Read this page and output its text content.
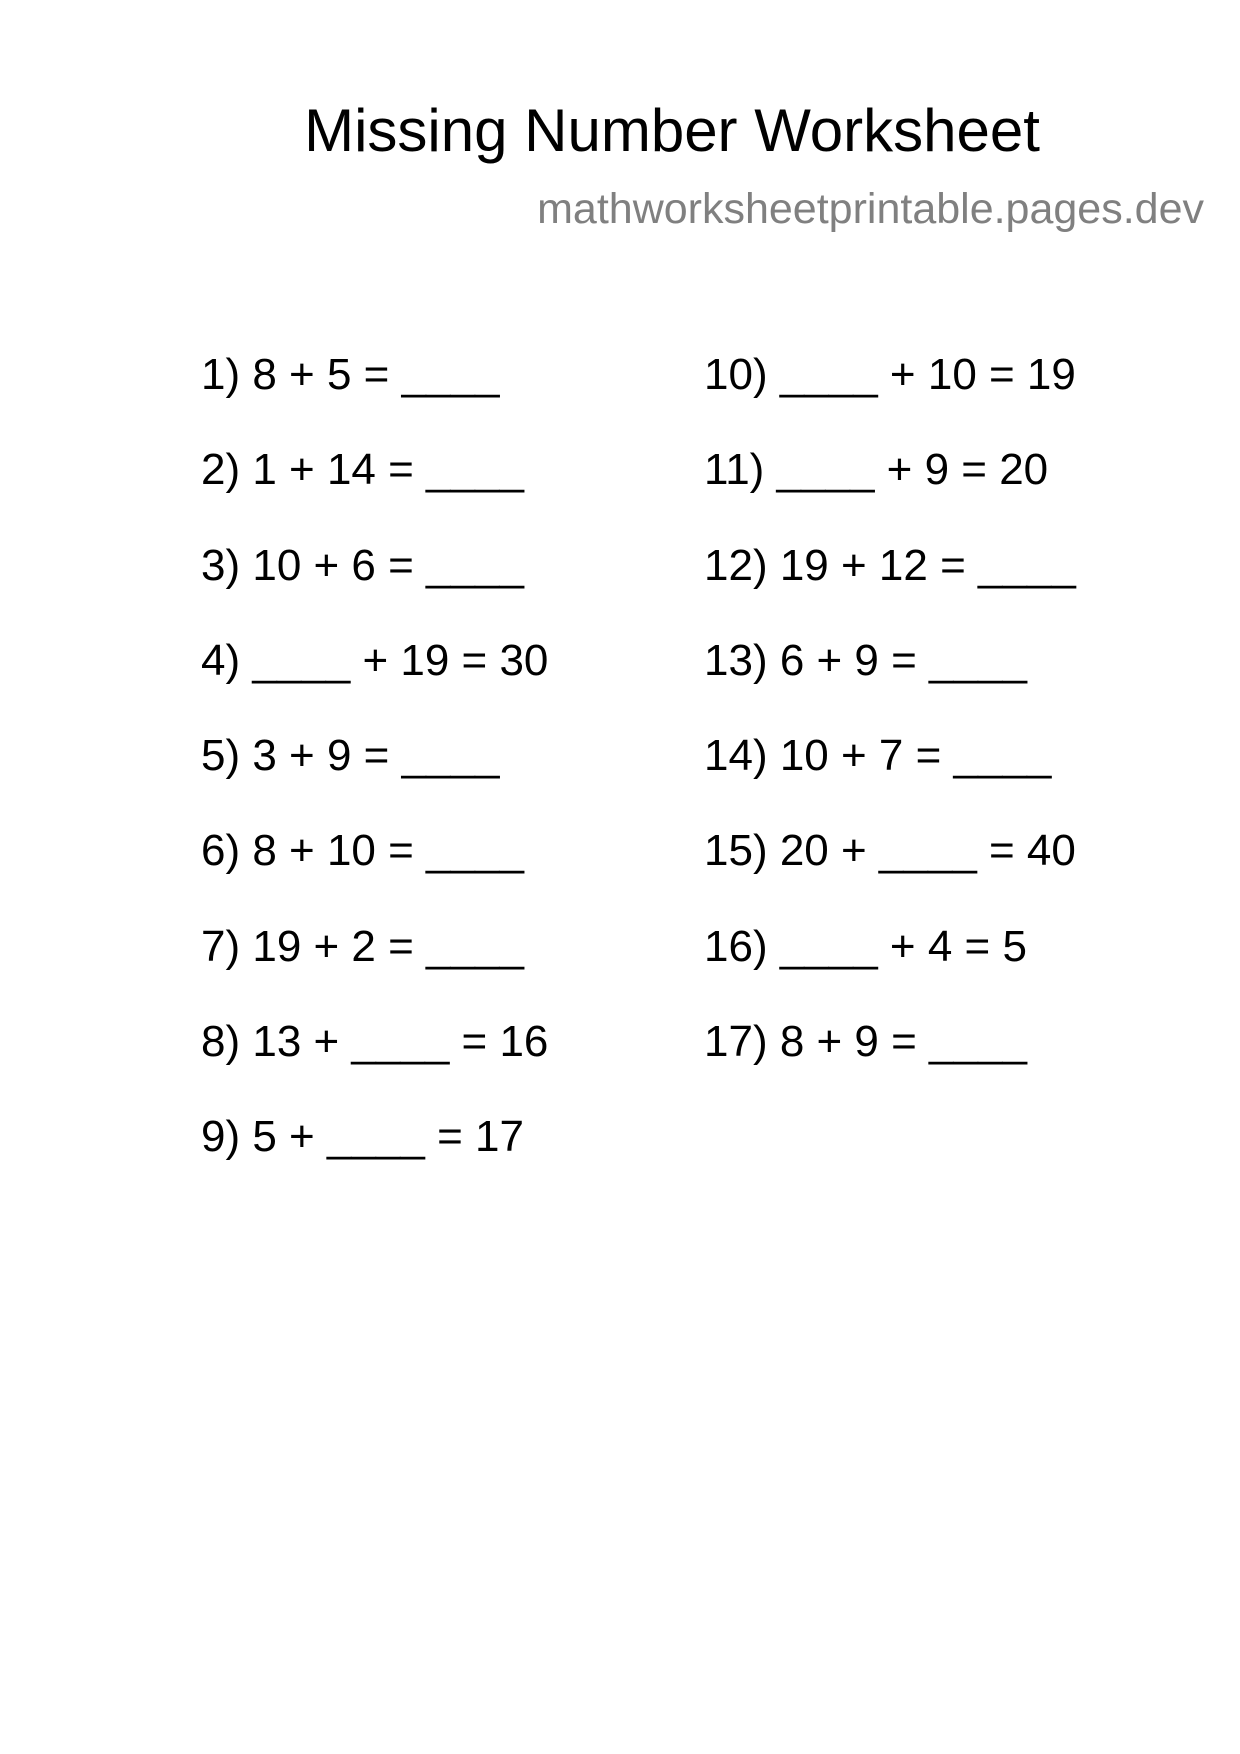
Missing Number Worksheet
mathworksheetprintable.pages.dev
1) 8 + 5 = ____
2) 1 + 14 = ____
3) 10 + 6 = ____
4) ____ + 19 = 30
5) 3 + 9 = ____
6) 8 + 10 = ____
7) 19 + 2 = ____
8) 13 + ____ = 16
9) 5 + ____ = 17
10) ____ + 10 = 19
11) ____ + 9 = 20
12) 19 + 12 = ____
13) 6 + 9 = ____
14) 10 + 7 = ____
15) 20 + ____ = 40
16) ____ + 4 = 5
17) 8 + 9 = ____
